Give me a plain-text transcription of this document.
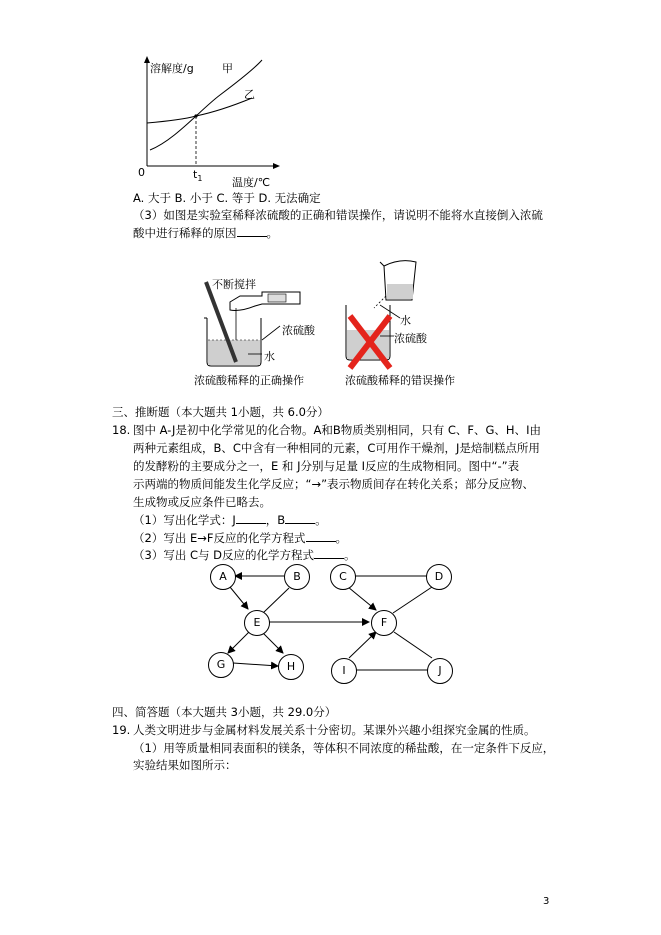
溶解度/g	甲
乙
0	$t_1$	温度/℃
A. 大于 B. 小于 C. 等于 D. 无法确定
（3）如图是实验室稀释浓硫酸的正确和错误操作，请说明不能将水直接倒入浓硫
酸中进行稀释的原因	。
不断搅拌
浓硫酸
水
水
浓硫酸
浓硫酸稀释的正确操作	浓硫酸稀释的错误操作
三、推断题（本大题共 1小题，共 6.0分）
18. 图中 A-J是初中化学常见的化合物。A和B物质类别相同，只有 C、F、G、H、I由
两种元素组成，B、C中含有一种相同的元素，C可用作干燥剂，J是焙制糕点所用
的发酵粉的主要成分之一，E 和 J分别与足量 I反应的生成物相同。图中“-”表
示两端的物质间能发生化学反应；“→”表示物质间存在转化关系；部分反应物、
生成物或反应条件已略去。
（1）写出化学式：J	，B	。
（2）写出 E→F反应的化学方程式	。
（3）写出 C与 D反应的化学方程式	。
A	B	C	D
E	F
G	H	I	J
四、简答题（本大题共 3小题，共 29.0分）
19. 人类文明进步与金属材料发展关系十分密切。某课外兴趣小组探究金属的性质。
（1）用等质量相同表面积的镁条，等体积不同浓度的稀盐酸，在一定条件下反应，
实验结果如图所示：
3
